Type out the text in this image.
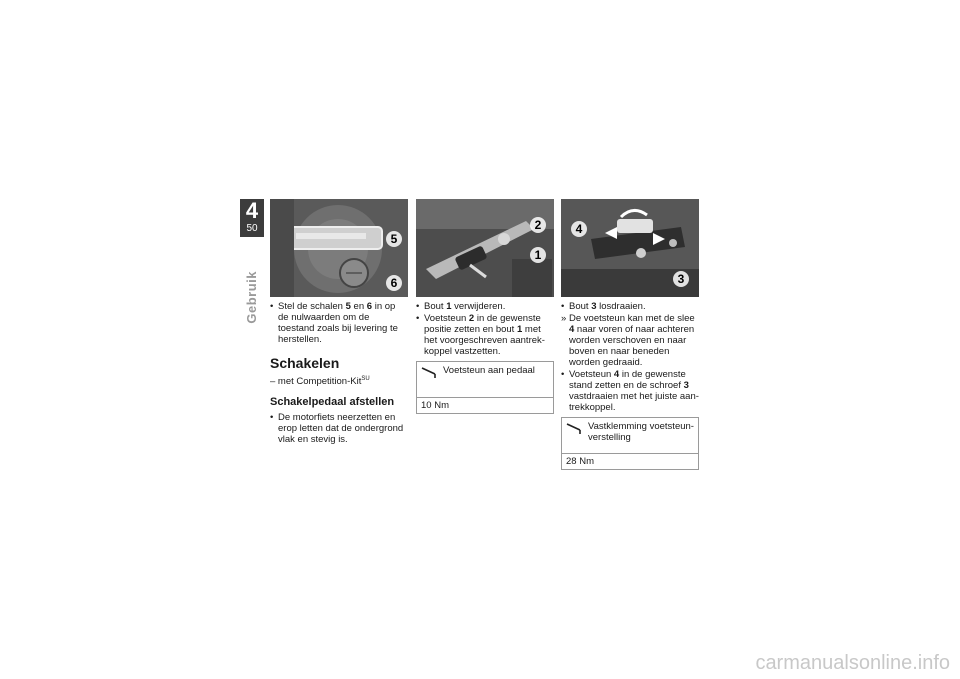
4
50
Gebruik
5
6
• Stel de schalen 5 en 6 in op de nulwaarden om de toestand zoals bij levering te herstellen.
Schakelen
– met Competition-Kit$^{SU}$
Schakelpedaal afstellen
• De motorfiets neerzetten en erop letten dat de ondergrond vlak en stevig is.
2
1
• Bout 1 verwijderen.
• Voetsteun 2 in de gewenste positie zetten en bout 1 met het voorgeschreven aantrek-koppel vastzetten.
Voetsteun aan pedaal
10 Nm
4
3
• Bout 3 losdraaien.
» De voetsteun kan met de slee 4 naar voren of naar achteren worden verschoven en naar boven en naar beneden worden gedraaid.
• Voetsteun 4 in de gewenste stand zetten en de schroef 3 vastdraaien met het juiste aan-trekkoppel.
Vastklemming voetsteun-verstelling
28 Nm
carmanualsonline.info
